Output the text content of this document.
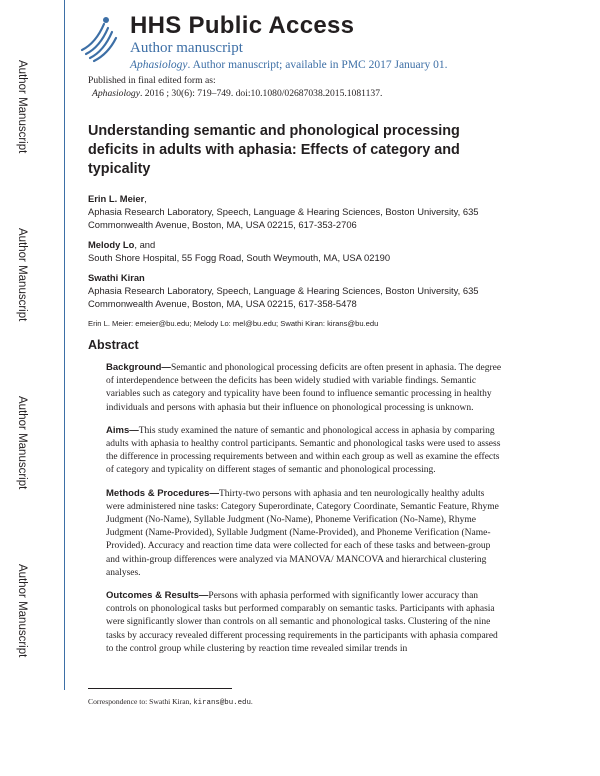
Author Manuscript
Author Manuscript
Author Manuscript
Author Manuscript
HHS Public Access
Author manuscript
Aphasiology. Author manuscript; available in PMC 2017 January 01.
Published in final edited form as:
Aphasiology. 2016 ; 30(6): 719–749. doi:10.1080/02687038.2015.1081137.
Understanding semantic and phonological processing deficits in adults with aphasia: Effects of category and typicality
Erin L. Meier,
Aphasia Research Laboratory, Speech, Language & Hearing Sciences, Boston University, 635 Commonwealth Avenue, Boston, MA, USA 02215, 617-353-2706
Melody Lo, and
South Shore Hospital, 55 Fogg Road, South Weymouth, MA, USA 02190
Swathi Kiran
Aphasia Research Laboratory, Speech, Language & Hearing Sciences, Boston University, 635 Commonwealth Avenue, Boston, MA, USA 02215, 617-358-5478
Erin L. Meier: emeier@bu.edu; Melody Lo: mel@bu.edu; Swathi Kiran: kirans@bu.edu
Abstract
Background—Semantic and phonological processing deficits are often present in aphasia. The degree of interdependence between the deficits has been widely studied with variable findings. Semantic variables such as category and typicality have been found to influence semantic processing in healthy individuals and persons with aphasia but their influence on phonological processing is unknown.
Aims—This study examined the nature of semantic and phonological access in aphasia by comparing adults with aphasia to healthy control participants. Semantic and phonological tasks were used to assess the difference in processing requirements between and within each group as well as examine the effects of category and typicality on different stages of semantic and phonological processing.
Methods & Procedures—Thirty-two persons with aphasia and ten neurologically healthy adults were administered nine tasks: Category Superordinate, Category Coordinate, Semantic Feature, Rhyme Judgment (No-Name), Syllable Judgment (No-Name), Phoneme Verification (No-Name), Rhyme Judgment (Name-Provided), Syllable Judgment (Name-Provided), and Phoneme Verification (Name-Provided). Accuracy and reaction time data were collected for each of these tasks and between-group and within-group differences were analyzed via MANOVA/ MANCOVA and hierarchical clustering analyses.
Outcomes & Results—Persons with aphasia performed with significantly lower accuracy than controls on phonological tasks but performed comparably on semantic tasks. Participants with aphasia were significantly slower than controls on all semantic and phonological tasks. Clustering of the nine tasks by accuracy revealed different processing requirements in the participants with aphasia compared to the control group while clustering by reaction time revealed similar trends in
Correspondence to: Swathi Kiran, kirans@bu.edu.
